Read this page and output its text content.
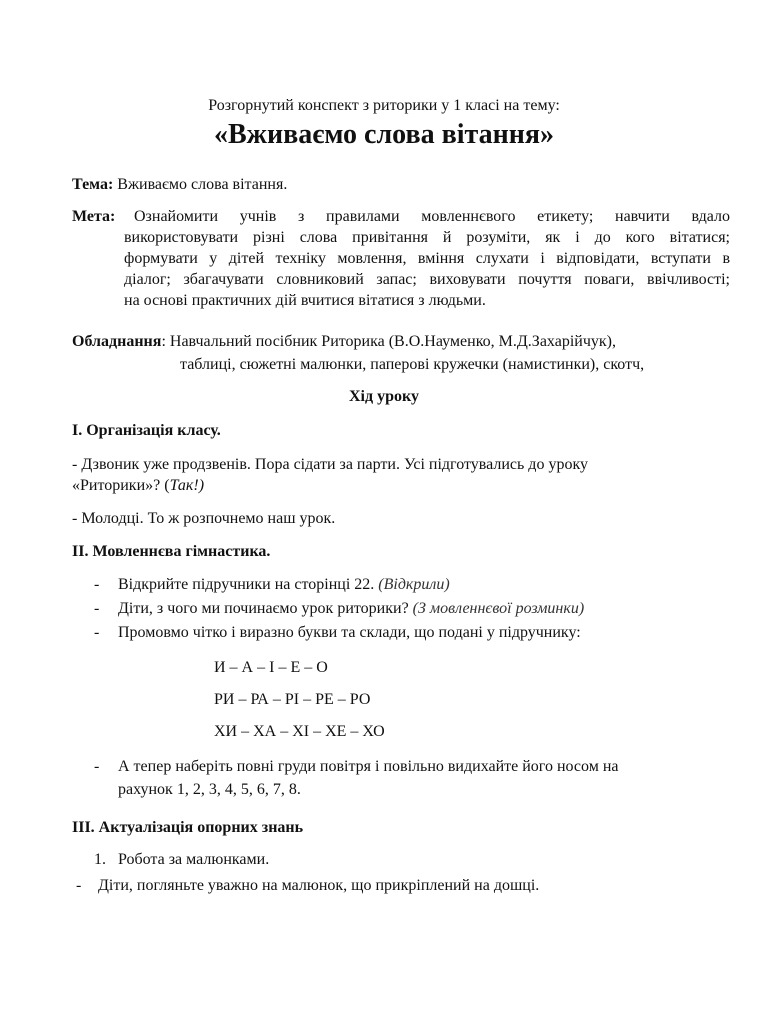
Розгорнутий конспект з риторики у 1 класі на тему:
«Вживаємо слова вітання»
Тема: Вживаємо слова вітання.
Мета: Ознайомити учнів з правилами мовленнєвого етикету; навчити вдало
використовувати різні слова привітання й розуміти, як і до кого вітатися;
формувати у дітей техніку мовлення, вміння слухати і відповідати, вступати в
діалог; збагачувати словниковий запас; виховувати почуття поваги, ввічливості;
на основі практичних дій вчитися вітатися з людьми.
Обладнання: Навчальний посібник Риторика (В.О.Науменко, М.Д.Захарійчук),
таблиці, сюжетні малюнки, паперові кружечки (намистинки), скотч,
Хід уроку
І. Організація класу.
- Дзвоник уже продзвенів. Пора сідати за парти. Усі підготувались до уроку
«Риторики»? (Так!)
- Молодці. То ж розпочнемо наш урок.
ІІ. Мовленнєва гімнастика.
- Відкрийте підручники на сторінці 22. (Відкрили)
- Діти, з чого ми починаємо урок риторики? (З мовленнєвої розминки)
- Промовмо чітко і виразно букви та склади, що подані у підручнику:
И – А – І – Е – О
РИ – РА – РІ – РЕ – РО
ХИ – ХА – ХІ – ХЕ – ХО
- А тепер наберіть повні груди повітря і повільно видихайте його носом на
рахунок 1, 2, 3, 4, 5, 6, 7, 8.
ІІІ. Актуалізація опорних знань
1. Робота за малюнками.
- Діти, погляньте уважно на малюнок, що прикріплений на дошці.
